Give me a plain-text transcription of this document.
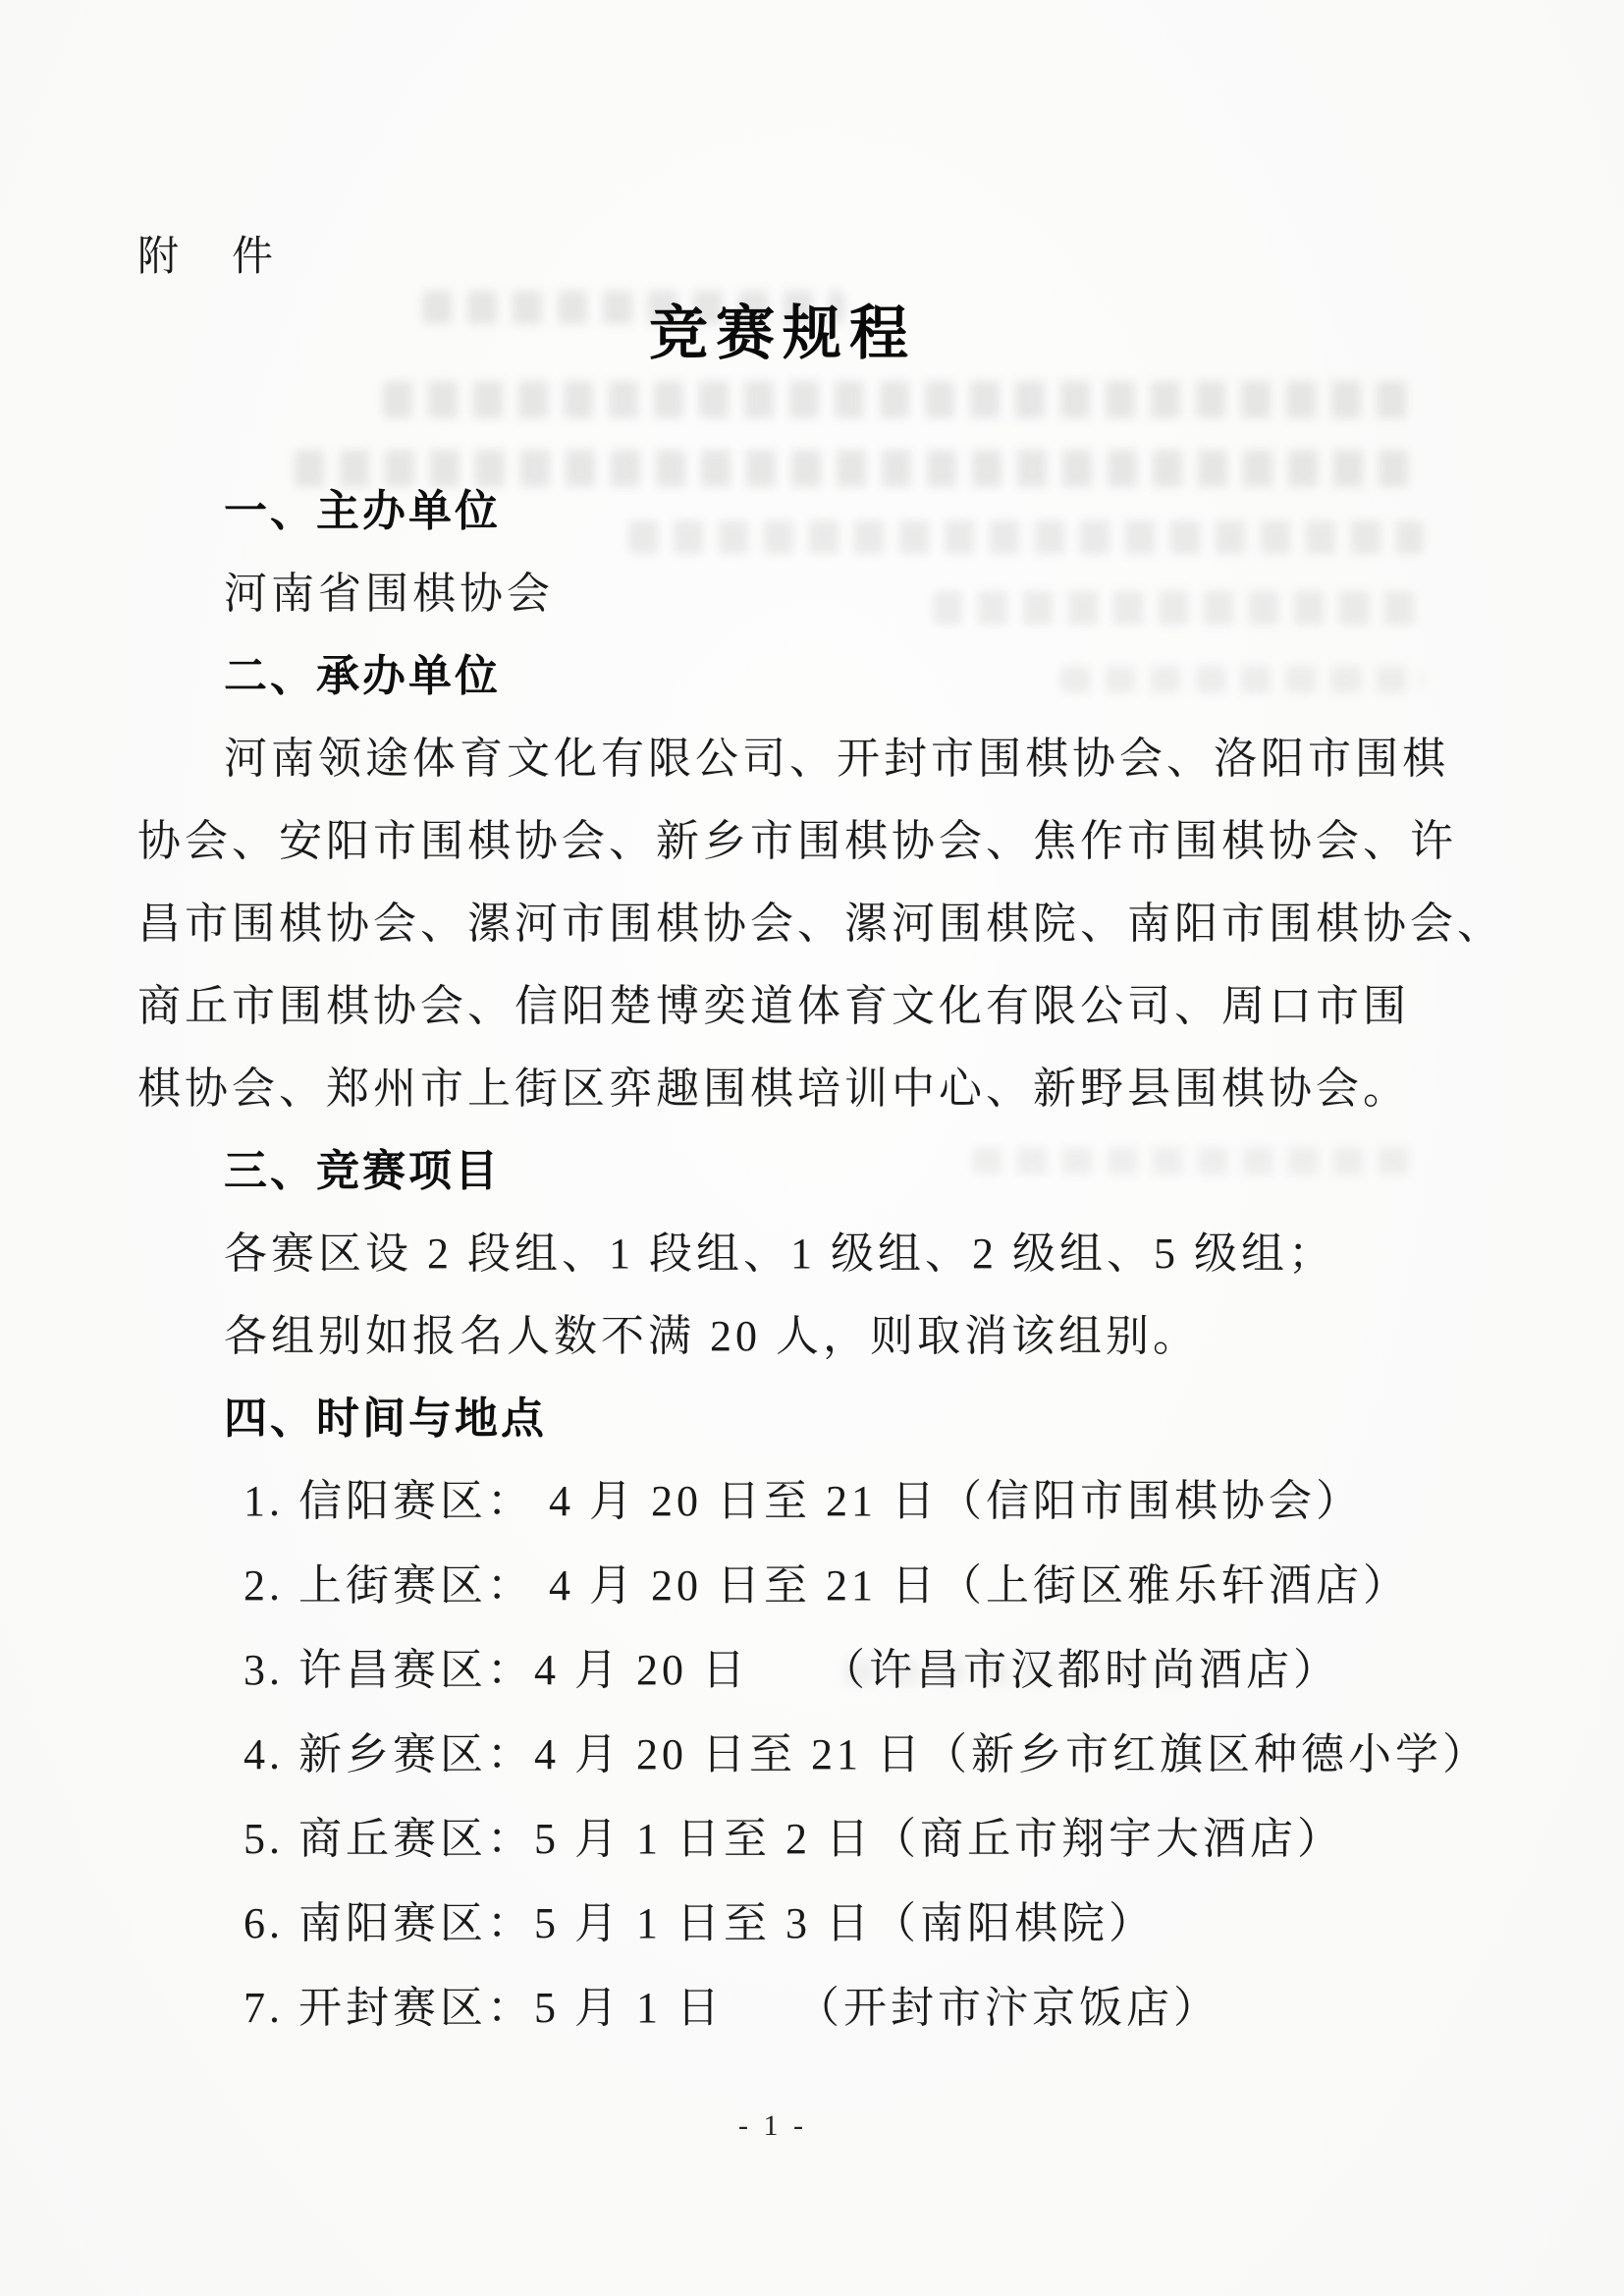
附　件
竞赛规程
一、主办单位
河南省围棋协会
二、承办单位
河南领途体育文化有限公司、开封市围棋协会、洛阳市围棋
协会、安阳市围棋协会、新乡市围棋协会、焦作市围棋协会、许
昌市围棋协会、漯河市围棋协会、漯河围棋院、南阳市围棋协会、
商丘市围棋协会、信阳楚博奕道体育文化有限公司、周口市围
棋协会、郑州市上街区弈趣围棋培训中心、新野县围棋协会。
三、竞赛项目
各赛区设 2 段组、1 段组、1 级组、2 级组、5 级组；
各组别如报名人数不满 20 人，则取消该组别。
四、时间与地点
1. 信阳赛区： 4 月 20 日至 21 日（信阳市围棋协会）
2. 上街赛区： 4 月 20 日至 21 日（上街区雅乐轩酒店）
3. 许昌赛区：4 月 20 日　　（许昌市汉都时尚酒店）
4. 新乡赛区：4 月 20 日至 21 日（新乡市红旗区种德小学）
5. 商丘赛区：5 月 1 日至 2 日（商丘市翔宇大酒店）
6. 南阳赛区：5 月 1 日至 3 日（南阳棋院）
7. 开封赛区：5 月 1 日　　（开封市汴京饭店）
- 1 -
